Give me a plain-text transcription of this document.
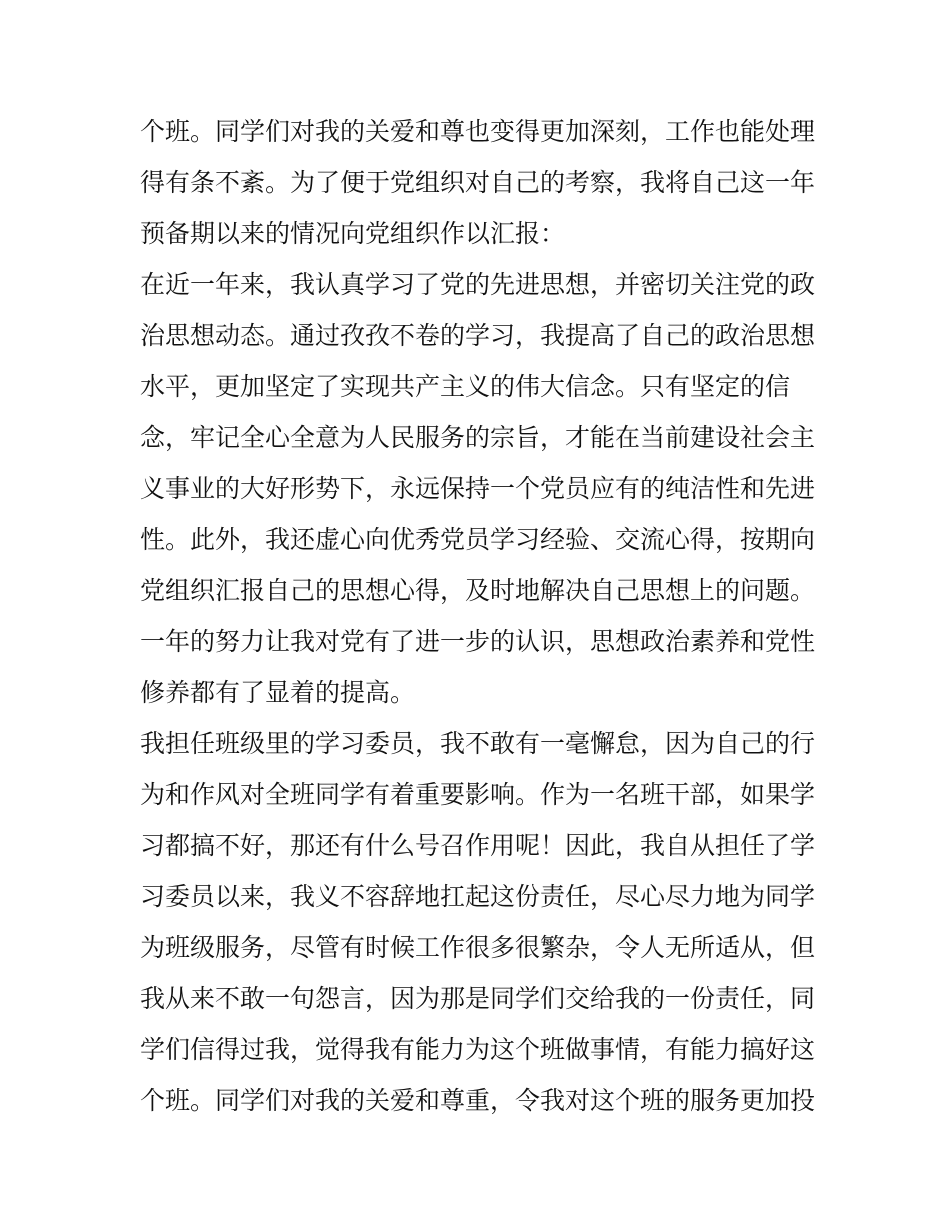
个班。同学们对我的关爱和尊也变得更加深刻，工作也能处理
得有条不紊。为了便于党组织对自己的考察，我将自己这一年
预备期以来的情况向党组织作以汇报：
在近一年来，我认真学习了党的先进思想，并密切关注党的政
治思想动态。通过孜孜不卷的学习，我提高了自己的政治思想
水平，更加坚定了实现共产主义的伟大信念。只有坚定的信
念，牢记全心全意为人民服务的宗旨，才能在当前建设社会主
义事业的大好形势下，永远保持一个党员应有的纯洁性和先进
性。此外，我还虚心向优秀党员学习经验、交流心得，按期向
党组织汇报自己的思想心得，及时地解决自己思想上的问题。
一年的努力让我对党有了进一步的认识，思想政治素养和党性
修养都有了显着的提高。
我担任班级里的学习委员，我不敢有一毫懈怠，因为自己的行
为和作风对全班同学有着重要影响。作为一名班干部，如果学
习都搞不好，那还有什么号召作用呢！因此，我自从担任了学
习委员以来，我义不容辞地扛起这份责任，尽心尽力地为同学
为班级服务，尽管有时候工作很多很繁杂，令人无所适从，但
我从来不敢一句怨言，因为那是同学们交给我的一份责任，同
学们信得过我，觉得我有能力为这个班做事情，有能力搞好这
个班。同学们对我的关爱和尊重，令我对这个班的服务更加投
